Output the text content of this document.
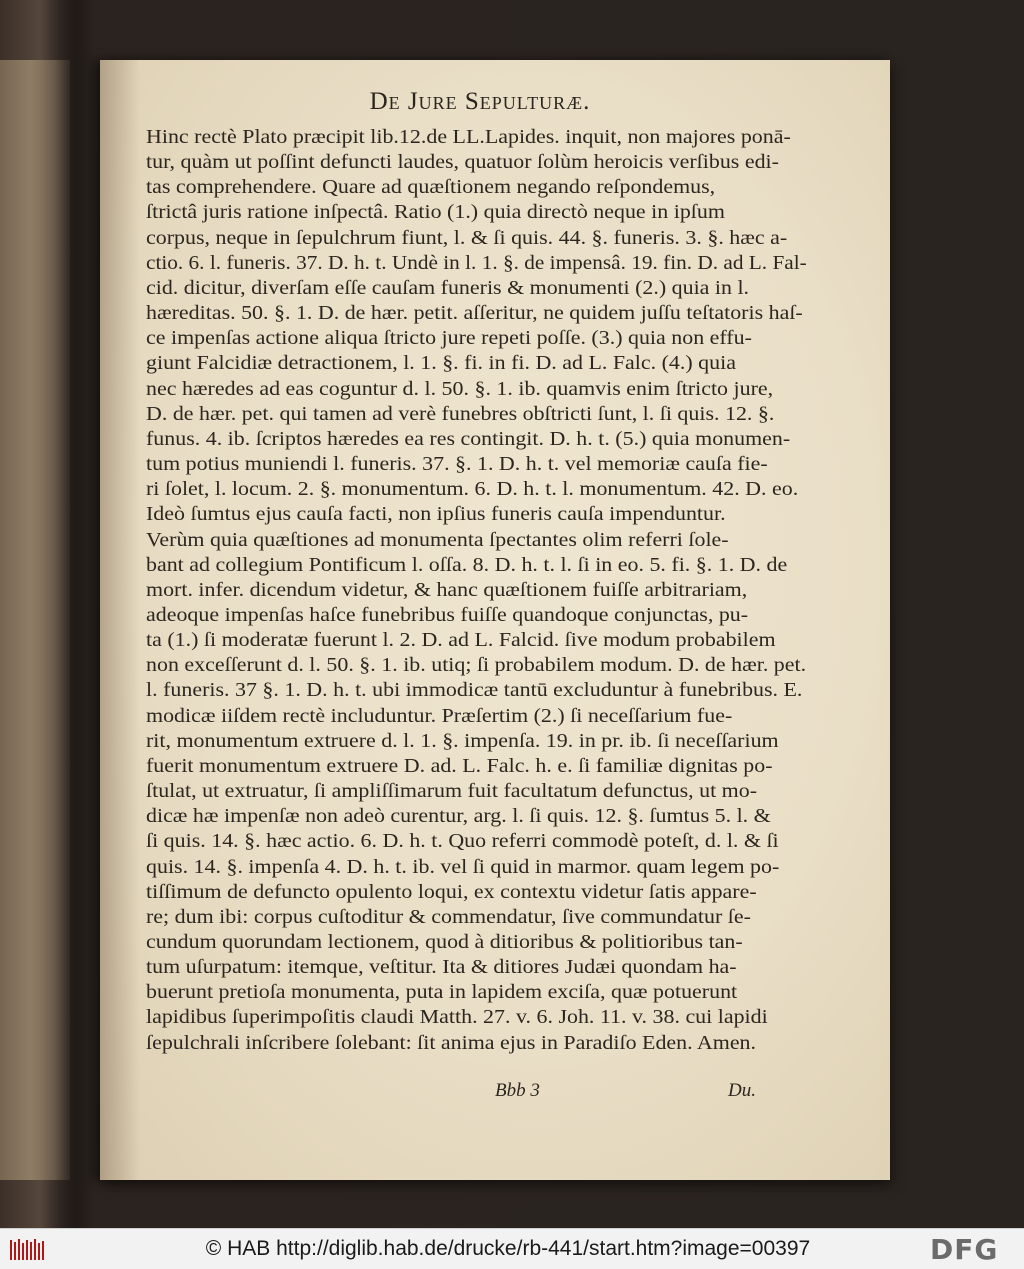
De Jure Sepulturæ.
Hinc rectè Plato præcipit lib.12.de LL.Lapides. inquit, non majores ponā-
tur, quàm ut poſſint defuncti laudes, quatuor ſolùm heroicis verſibus edi-
tas comprehendere. Quare ad quæſtionem negando reſpondemus,
ſtrictâ juris ratione inſpectâ. Ratio (1.) quia directò neque in ipſum
corpus, neque in ſepulchrum fiunt, l. & ſi quis. 44. §. funeris. 3. §. hæc a-
ctio. 6. l. funeris. 37. D. h. t. Undè in l. 1. §. de impensâ. 19. fin. D. ad L. Fal-
cid. dicitur, diverſam eſſe cauſam funeris & monumenti (2.) quia in l.
hæreditas. 50. §. 1. D. de hær. petit. aſſeritur, ne quidem juſſu teſtatoris haſ-
ce impenſas actione aliqua ſtricto jure repeti poſſe. (3.) quia non effu-
giunt Falcidiæ detractionem, l. 1. §. fi. in fi. D. ad L. Falc. (4.) quia
nec hæredes ad eas coguntur d. l. 50. §. 1. ib. quamvis enim ſtricto jure,
D. de hær. pet. qui tamen ad verè funebres obſtricti ſunt, l. ſi quis. 12. §.
funus. 4. ib. ſcriptos hæredes ea res contingit. D. h. t. (5.) quia monumen-
tum potius muniendi l. funeris. 37. §. 1. D. h. t. vel memoriæ cauſa fie-
ri ſolet, l. locum. 2. §. monumentum. 6. D. h. t. l. monumentum. 42. D. eo.
Ideò ſumtus ejus cauſa facti, non ipſius funeris cauſa impenduntur.
Verùm quia quæſtiones ad monumenta ſpectantes olim referri ſole-
bant ad collegium Pontificum l. oſſa. 8. D. h. t. l. ſi in eo. 5. fi. §. 1. D. de
mort. infer. dicendum videtur, & hanc quæſtionem fuiſſe arbitrariam,
adeoque impenſas haſce funebribus fuiſſe quandoque conjunctas, pu-
ta (1.) ſi moderatæ fuerunt l. 2. D. ad L. Falcid. ſive modum probabilem
non exceſſerunt d. l. 50. §. 1. ib. utiq; ſi probabilem modum. D. de hær. pet.
l. funeris. 37 §. 1. D. h. t. ubi immodicæ tantū excluduntur à funebribus. E.
modicæ iiſdem rectè includuntur. Præſertim (2.) ſi neceſſarium fue-
rit, monumentum extruere d. l. 1. §. impenſa. 19. in pr. ib. ſi neceſſarium
fuerit monumentum extruere D. ad. L. Falc. h. e. ſi familiæ dignitas po-
ſtulat, ut extruatur, ſi ampliſſimarum fuit facultatum defunctus, ut mo-
dicæ hæ impenſæ non adeò curentur, arg. l. ſi quis. 12. §. ſumtus 5. l. &
ſi quis. 14. §. hæc actio. 6. D. h. t. Quo referri commodè poteſt, d. l. & ſi
quis. 14. §. impenſa 4. D. h. t. ib. vel ſi quid in marmor. quam legem po-
tiſſimum de defuncto opulento loqui, ex contextu videtur ſatis appare-
re; dum ibi: corpus cuſtoditur & commendatur, ſive commundatur ſe-
cundum quorundam lectionem, quod à ditioribus & politioribus tan-
tum uſurpatum: itemque, veſtitur. Ita & ditiores Judæi quondam ha-
buerunt pretioſa monumenta, puta in lapidem exciſa, quæ potuerunt
lapidibus ſuperimpoſitis claudi Matth. 27. v. 6. Joh. 11. v. 38. cui lapidi
ſepulchrali inſcribere ſolebant: ſit anima ejus in Paradiſo Eden. Amen.
Bbb 3	Du.
© HAB http://diglib.hab.de/drucke/rb-441/start.htm?image=00397	DFG
